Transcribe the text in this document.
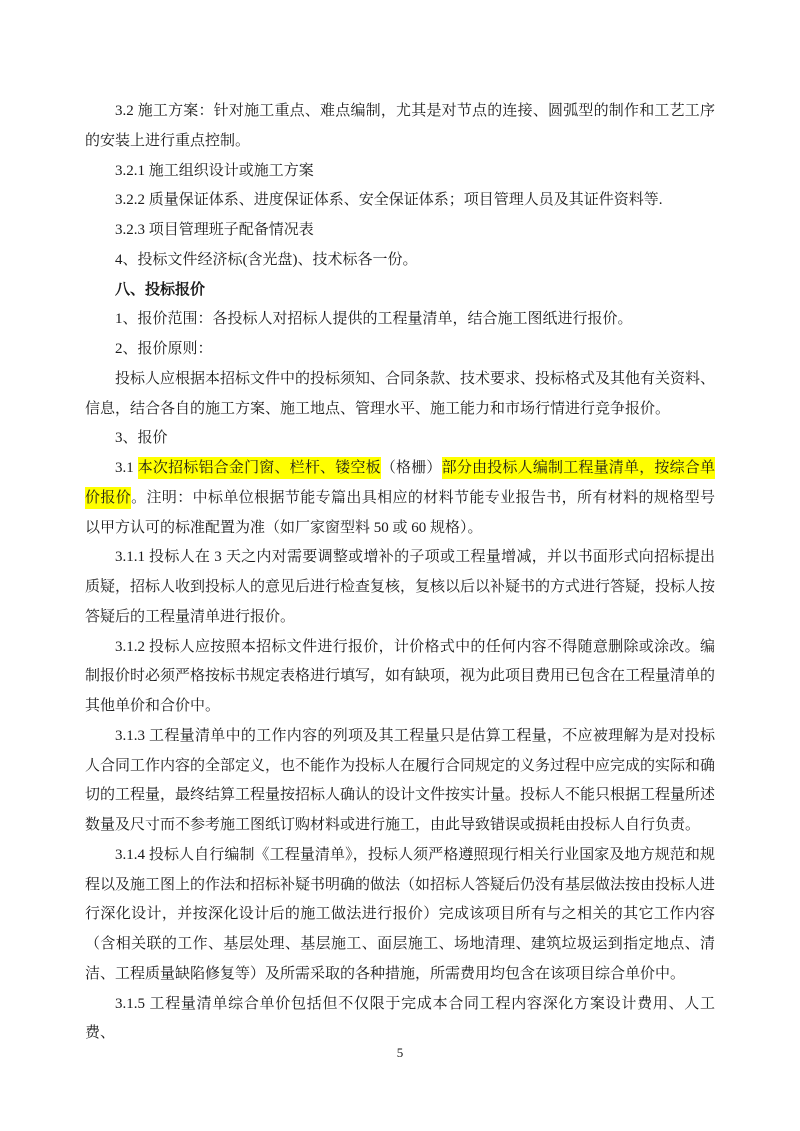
3.2 施工方案：针对施工重点、难点编制，尤其是对节点的连接、圆弧型的制作和工艺工序的安装上进行重点控制。

3.2.1 施工组织设计或施工方案

3.2.2 质量保证体系、进度保证体系、安全保证体系；项目管理人员及其证件资料等.

3.2.3 项目管理班子配备情况表

4、投标文件经济标(含光盘)、技术标各一份。

八、投标报价

1、报价范围：各投标人对招标人提供的工程量清单，结合施工图纸进行报价。

2、报价原则：

投标人应根据本招标文件中的投标须知、合同条款、技术要求、投标格式及其他有关资料、信息，结合各自的施工方案、施工地点、管理水平、施工能力和市场行情进行竞争报价。

3、报价

3.1 本次招标铝合金门窗、栏杆、镂空板（格栅）部分由投标人编制工程量清单，按综合单价报价。注明：中标单位根据节能专篇出具相应的材料节能专业报告书，所有材料的规格型号以甲方认可的标准配置为准（如厂家窗型料 50 或 60 规格）。

3.1.1 投标人在 3 天之内对需要调整或增补的子项或工程量增减，并以书面形式向招标提出质疑，招标人收到投标人的意见后进行检查复核，复核以后以补疑书的方式进行答疑，投标人按答疑后的工程量清单进行报价。

3.1.2 投标人应按照本招标文件进行报价，计价格式中的任何内容不得随意删除或涂改。编制报价时必须严格按标书规定表格进行填写，如有缺项，视为此项目费用已包含在工程量清单的其他单价和合价中。

3.1.3 工程量清单中的工作内容的列项及其工程量只是估算工程量，不应被理解为是对投标人合同工作内容的全部定义，也不能作为投标人在履行合同规定的义务过程中应完成的实际和确切的工程量，最终结算工程量按招标人确认的设计文件按实计量。投标人不能只根据工程量所述数量及尺寸而不参考施工图纸订购材料或进行施工，由此导致错误或损耗由投标人自行负责。

3.1.4 投标人自行编制《工程量清单》，投标人须严格遵照现行相关行业国家及地方规范和规程以及施工图上的作法和招标补疑书明确的做法（如招标人答疑后仍没有基层做法按由投标人进行深化设计，并按深化设计后的施工做法进行报价）完成该项目所有与之相关的其它工作内容（含相关联的工作、基层处理、基层施工、面层施工、场地清理、建筑垃圾运到指定地点、清洁、工程质量缺陷修复等）及所需采取的各种措施，所需费用均包含在该项目综合单价中。

3.1.5 工程量清单综合单价包括但不仅限于完成本合同工程内容深化方案设计费用、人工费、

5
